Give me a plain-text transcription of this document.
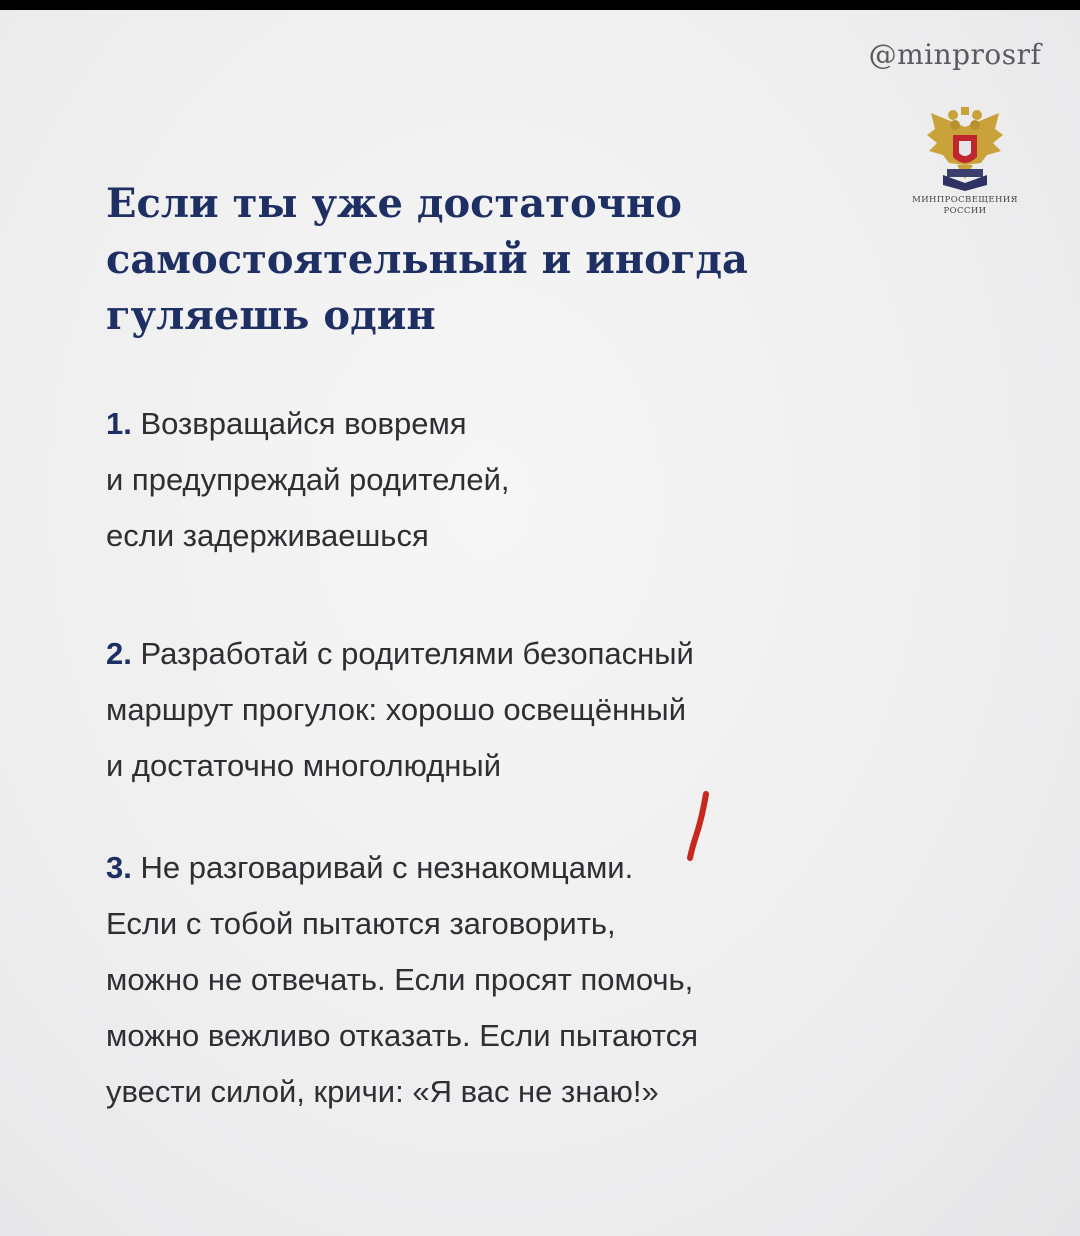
@minprosrf
МИНПРОСВЕЩЕНИЯ
РОССИИ
Если ты уже достаточно самостоятельный и иногда гуляешь один
1. Возвращайся вовремя
и предупреждай родителей,
если задерживаешься
2. Разработай с родителями безопасный
маршрут прогулок: хорошо освещённый
и достаточно многолюдный
3. Не разговаривай с незнакомцами.
Если с тобой пытаются заговорить,
можно не отвечать. Если просят помочь,
можно вежливо отказать. Если пытаются
увести силой, кричи: «Я вас не знаю!»
